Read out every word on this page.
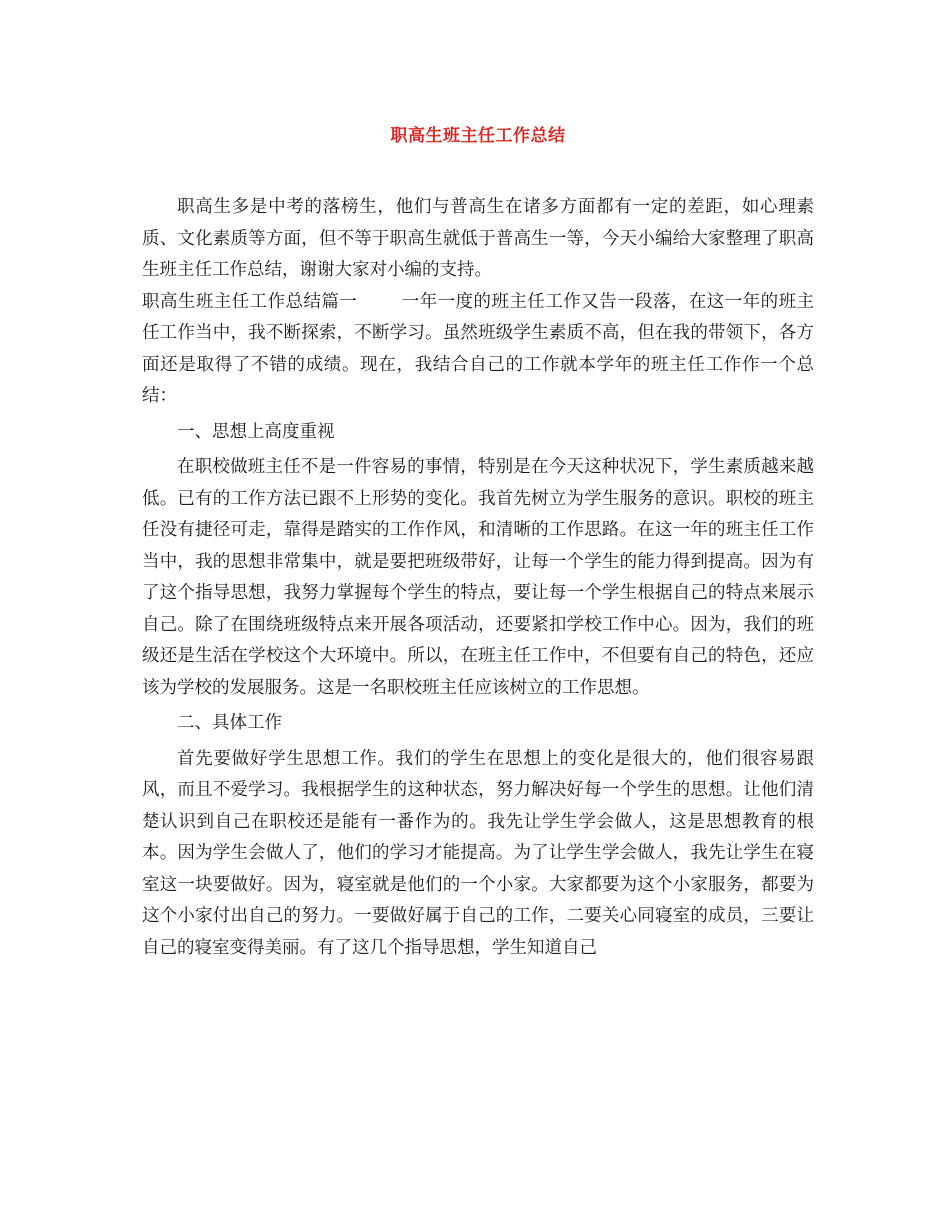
职高生班主任工作总结

职高生多是中考的落榜生，他们与普高生在诸多方面都有一定的差距，如心理素质、文化素质等方面，但不等于职高生就低于普高生一等，今天小编给大家整理了职高生班主任工作总结，谢谢大家对小编的支持。

职高生班主任工作总结篇一	一年一度的班主任工作又告一段落，在这一年的班主任工作当中，我不断探索，不断学习。虽然班级学生素质不高，但在我的带领下，各方面还是取得了不错的成绩。现在，我结合自己的工作就本学年的班主任工作作一个总结：

一、思想上高度重视

在职校做班主任不是一件容易的事情，特别是在今天这种状况下，学生素质越来越低。已有的工作方法已跟不上形势的变化。我首先树立为学生服务的意识。职校的班主任没有捷径可走，靠得是踏实的工作作风，和清晰的工作思路。在这一年的班主任工作当中，我的思想非常集中，就是要把班级带好，让每一个学生的能力得到提高。因为有了这个指导思想，我努力掌握每个学生的特点，要让每一个学生根据自己的特点来展示自己。除了在围绕班级特点来开展各项活动，还要紧扣学校工作中心。因为，我们的班级还是生活在学校这个大环境中。所以，在班主任工作中，不但要有自己的特色，还应该为学校的发展服务。这是一名职校班主任应该树立的工作思想。

二、具体工作

首先要做好学生思想工作。我们的学生在思想上的变化是很大的，他们很容易跟风，而且不爱学习。我根据学生的这种状态，努力解决好每一个学生的思想。让他们清楚认识到自己在职校还是能有一番作为的。我先让学生学会做人，这是思想教育的根本。因为学生会做人了，他们的学习才能提高。为了让学生学会做人，我先让学生在寝室这一块要做好。因为，寝室就是他们的一个小家。大家都要为这个小家服务，都要为这个小家付出自己的努力。一要做好属于自己的工作，二要关心同寝室的成员，三要让自己的寝室变得美丽。有了这几个指导思想，学生知道自己
